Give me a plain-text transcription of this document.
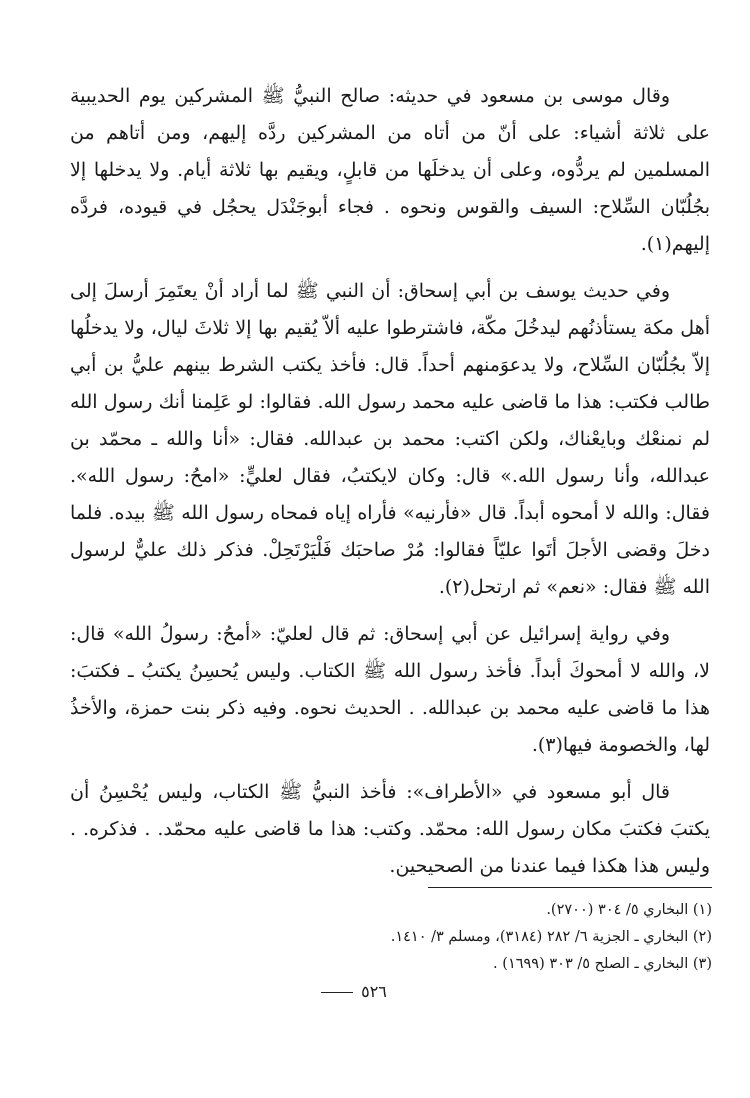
وقال موسى بن مسعود في حديثه: صالح النبيُّ ﷺ المشركين يوم الحديبية على ثلاثة أشياء: على أنّ من أتاه من المشركين ردَّه إليهم، ومن أتاهم من المسلمين لم يردُّوه، وعلى أن يدخلَها من قابلٍ، ويقيم بها ثلاثة أيام. ولا يدخلها إلا بجُلُبّان السِّلاح: السيف والقوس ونحوه . فجاء أبوجَنْدَل يحجُل في قيوده، فردَّه إليهم(١).

وفي حديث يوسف بن أبي إسحاق: أن النبي ﷺ لما أراد أنْ يعتَمِرَ أرسلَ إلى أهل مكة يستأذنُهم ليدخُلَ مكّة، فاشترطوا عليه ألاّ يُقيم بها إلا ثلاثَ ليال، ولا يدخلُها إلاّ بجُلُبّان السِّلاح، ولا يدعوَمنهم أحداً. قال: فأخذ يكتب الشرط بينهم عليُّ بن أبي طالب فكتب: هذا ما قاضى عليه محمد رسول الله. فقالوا: لو عَلِمنا أنك رسول الله لم نمنعْك وبايعْناك، ولكن اكتب: محمد بن عبدالله. فقال: «أنا والله ـ محمّد بن عبدالله، وأنا رسول الله.» قال: وكان لايكتبُ، فقال لعليٍّ: «امحُ: رسول الله». فقال: والله لا أمحوه أبداً. قال «فأرنيه» فأراه إياه فمحاه رسول الله ﷺ بيده. فلما دخلَ وقضى الأجلَ أتَوا عليّاً فقالوا: مُرْ صاحبَك فَلْيَرْتَحِلْ. فذكر ذلك عليٌّ لرسول الله ﷺ فقال: «نعم» ثم ارتحل(٢).

وفي رواية إسرائيل عن أبي إسحاق: ثم قال لعليّ: «أمحُ: رسولُ الله» قال: لا، والله لا أمحوكَ أبداً. فأخذ رسول الله ﷺ الكتاب. وليس يُحسِنُ يكتبُ ـ فكتبَ: هذا ما قاضى عليه محمد بن عبدالله. . الحديث نحوه. وفيه ذكر بنت حمزة، والأخذُ لها، والخصومة فيها(٣).

قال أبو مسعود في «الأطراف»: فأخذ النبيُّ ﷺ الكتاب، وليس يُحْسِنُ أن يكتبَ فكتبَ مكان رسول الله: محمّد. وكتب: هذا ما قاضى عليه محمّد. . فذكره. . وليس هذا هكذا فيما عندنا من الصحيحين.

(١) البخاري ٥/ ٣٠٤ (٢٧٠٠).

(٢) البخاري ـ الجزية ٦/ ٢٨٢ (٣١٨٤)، ومسلم ٣/ ١٤١٠.

(٣) البخاري ـ الصلح ٥/ ٣٠٣ (١٦٩٩) .

٥٢٦
